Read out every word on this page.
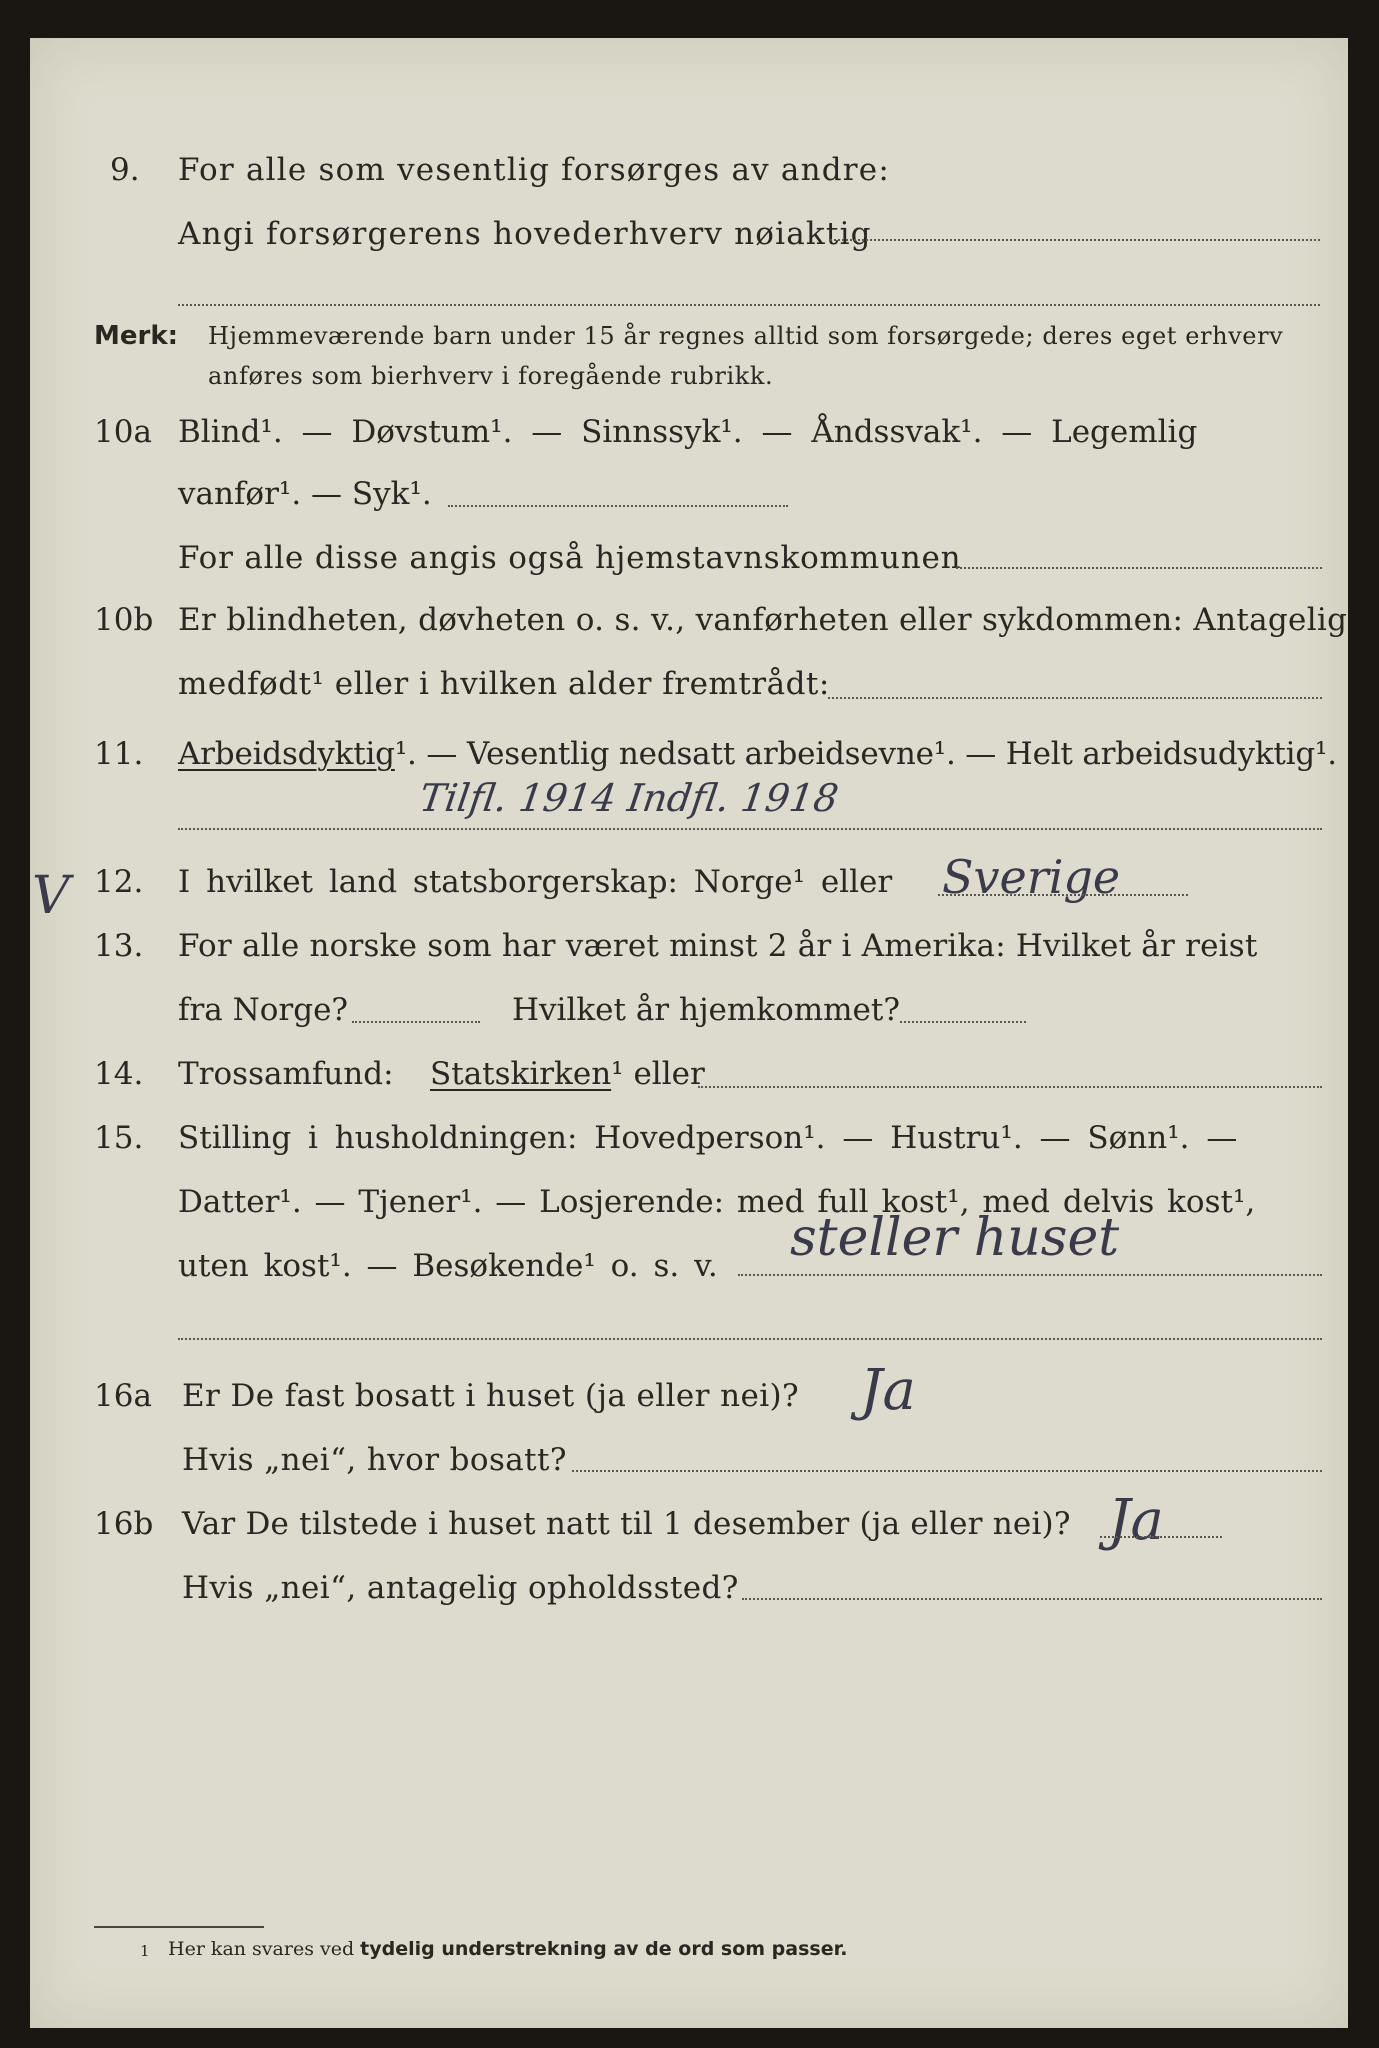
9. For alle som vesentlig forsørges av andre:
Angi forsørgerens hovederhverv nøiaktig
Merk: Hjemmeværende barn under 15 år regnes alltid som forsørgede; deres eget erhverv
anføres som bierhverv i foregående rubrikk.
10a Blind¹. — Døvstum¹. — Sinnssyk¹. — Åndssvak¹. — Legemlig
vanfør¹. — Syk¹.
For alle disse angis også hjemstavnskommunen
10b Er blindheten, døvheten o. s. v., vanførheten eller sykdommen: Antagelig
medfødt¹ eller i hvilken alder fremtrådt:
11. Arbeidsdyktig¹. — Vesentlig nedsatt arbeidsevne¹. — Helt arbeidsudyktig¹.
Tilfl. 1914 Indfl. 1918
V 12. I hvilket land statsborgerskap: Norge¹ eller Sverige
13. For alle norske som har været minst 2 år i Amerika: Hvilket år reist
fra Norge?	Hvilket år hjemkommet?
14. Trossamfund: Statskirken¹ eller
15. Stilling i husholdningen: Hovedperson¹. — Hustru¹. — Sønn¹. —
Datter¹. — Tjener¹. — Losjerende: med full kost¹, med delvis kost¹,
uten kost¹. — Besøkende¹ o. s. v. steller huset
16a Er De fast bosatt i huset (ja eller nei)? Ja
Hvis „nei“, hvor bosatt?
16b Var De tilstede i huset natt til 1 desember (ja eller nei)? Ja
Hvis „nei“, antagelig opholdssted?
1 Her kan svares ved tydelig understrekning av de ord som passer.
